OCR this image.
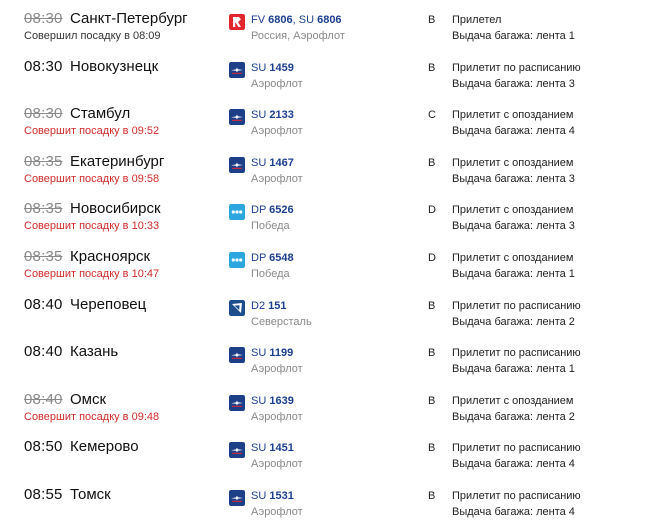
08:30 Санкт-Петербург
Совершил посадку в 08:09
FV 6806, SU 6806
Россия, Аэрофлот
B Прилетел
Выдача багажа: лента 1
08:30 Новокузнецк	SU 1459
Аэрофлот
B Прилетит по расписанию
Выдача багажа: лента 3
08:30 Стамбул
Совершит посадку в 09:52
SU 2133
Аэрофлот
C Прилетит с опозданием
Выдача багажа: лента 4
08:35 Екатеринбург
Совершит посадку в 09:58
SU 1467
Аэрофлот
B Прилетит с опозданием
Выдача багажа: лента 3
08:35 Новосибирск
Совершит посадку в 10:33
DP 6526
Победа
D Прилетит с опозданием
Выдача багажа: лента 3
08:35 Красноярск
Совершит посадку в 10:47
DP 6548
Победа
D Прилетит с опозданием
Выдача багажа: лента 1
08:40 Череповец	D2 151
Северсталь
B Прилетит по расписанию
Выдача багажа: лента 2
08:40 Казань	SU 1199
Аэрофлот
B Прилетит по расписанию
Выдача багажа: лента 1
08:40 Омск
Совершит посадку в 09:48
SU 1639
Аэрофлот
B Прилетит с опозданием
Выдача багажа: лента 2
08:50 Кемерово	SU 1451
Аэрофлот
B Прилетит по расписанию
Выдача багажа: лента 4
08:55 Томск	SU 1531
Аэрофлот
B Прилетит по расписанию
Выдача багажа: лента 4
